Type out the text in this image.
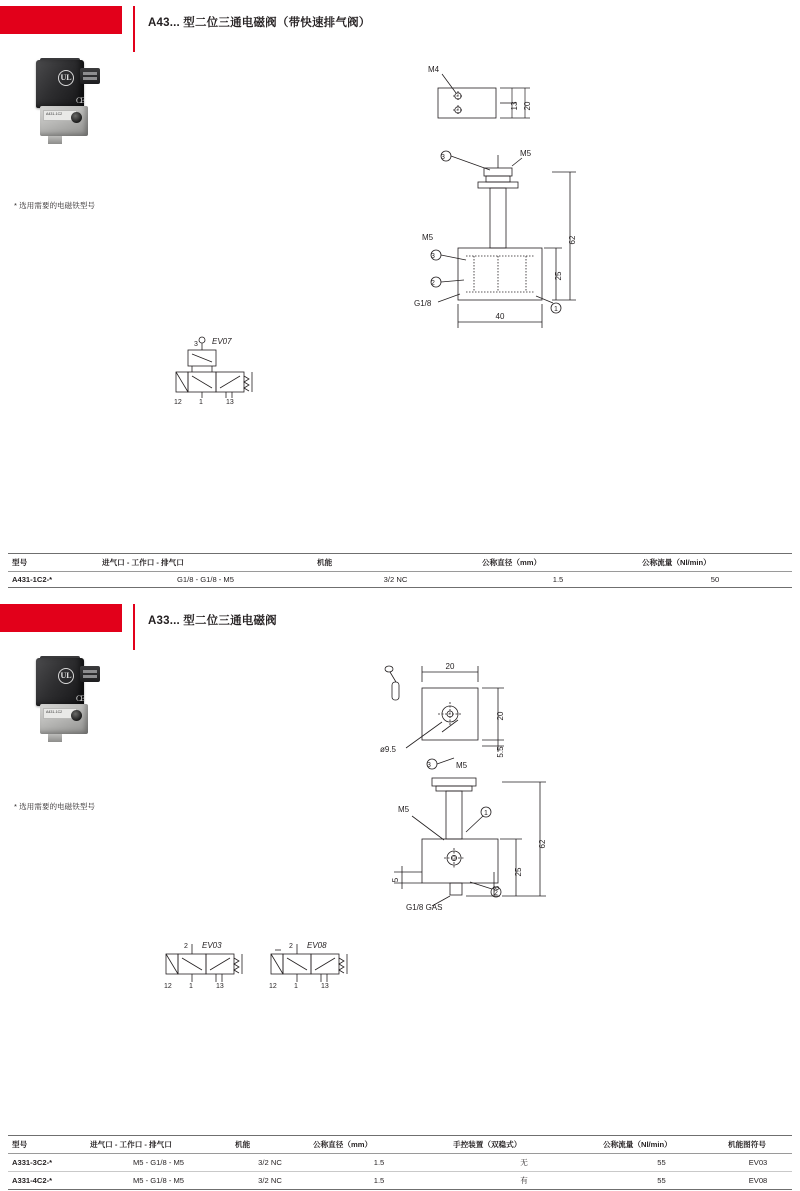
A43... 型二位三通电磁阀（带快速排气阀）
UL
CE
A431-1C2
* 选用需要的电磁铁型号
M4
13 20
M5
M5
G1/8
62
25
40
3
3
2
1
EV07
3
12 1	13
型号	进气口 - 工作口 - 排气口	机能	公称直径（mm）	公称流量（Nl/min）
A431-1C2-*	G1/8 - G1/8 - M5	3/2 NC	1.5	50
A33... 型二位三通电磁阀
UL
CE
A431-1C2
* 选用需要的电磁铁型号
20
20
5.5
ø9.5
M5
M5
G1/8 GAS
62
25
8
5
3
1
2
EV03
2
12 1	13
EV08
2
12 1	13
型号	进气口 - 工作口 - 排气口	机能	公称直径（mm）	手控装置（双稳式）	公称流量（Nl/min）	机能图符号
A331-3C2-*	M5 - G1/8 - M5	3/2 NC	1.5	无	55	EV03
A331-4C2-*	M5 - G1/8 - M5	3/2 NC	1.5	有	55	EV08
